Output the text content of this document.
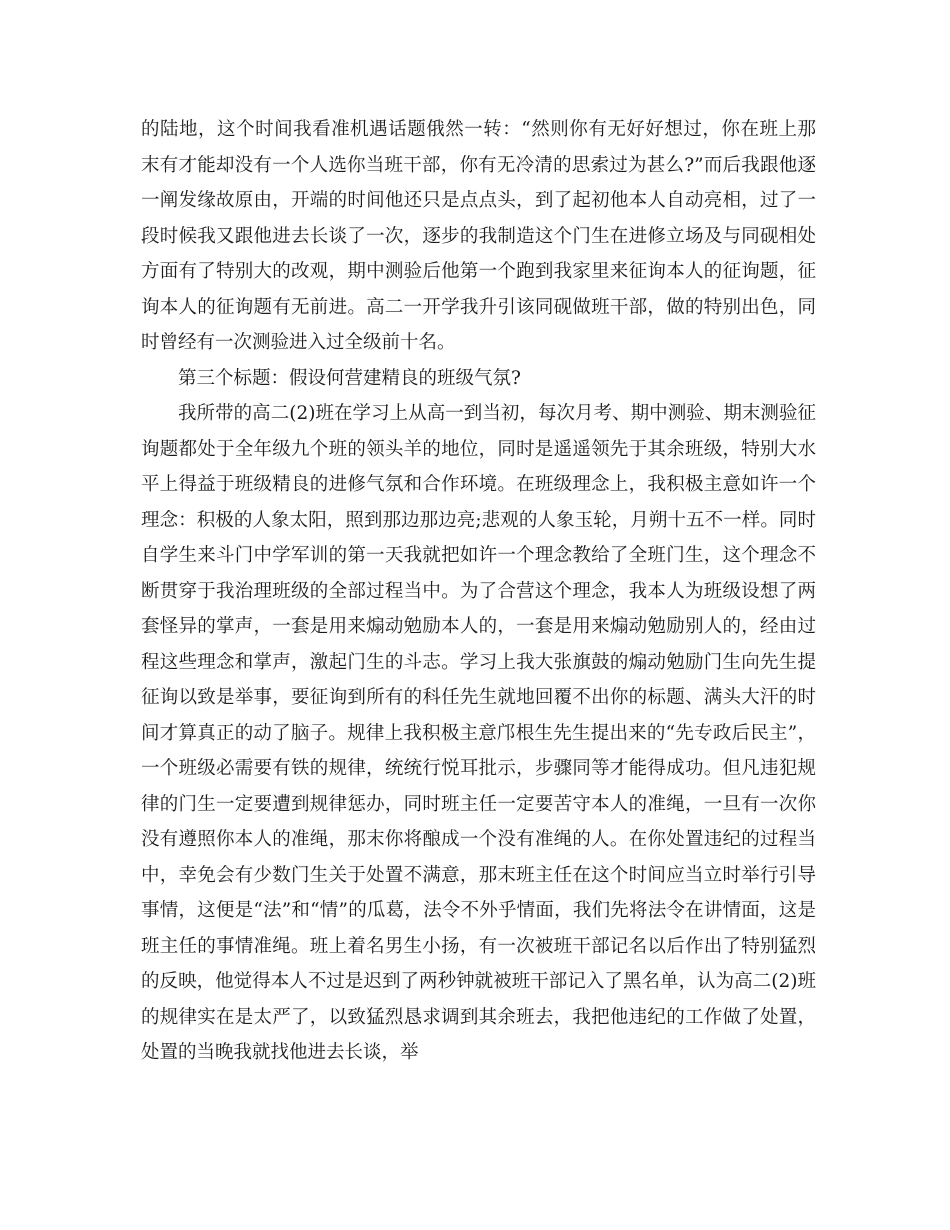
的陆地，这个时间我看准机遇话题俄然一转：“然则你有无好好想过，你在班上那末有才能却没有一个人选你当班干部，你有无冷清的思索过为甚么?”而后我跟他逐一阐发缘故原由，开端的时间他还只是点点头，到了起初他本人自动亮相，过了一段时候我又跟他进去长谈了一次，逐步的我制造这个门生在进修立场及与同砚相处方面有了特别大的改观，期中测验后他第一个跑到我家里来征询本人的征询题，征询本人的征询题有无前进。高二一开学我升引该同砚做班干部，做的特别出色，同时曾经有一次测验进入过全级前十名。

第三个标题：假设何营建精良的班级气氛?

我所带的高二(2)班在学习上从高一到当初，每次月考、期中测验、期末测验征询题都处于全年级九个班的领头羊的地位，同时是遥遥领先于其余班级，特别大水平上得益于班级精良的进修气氛和合作环境。在班级理念上，我积极主意如许一个理念：积极的人象太阳，照到那边那边亮;悲观的人象玉轮，月朔十五不一样。同时自学生来斗门中学军训的第一天我就把如许一个理念教给了全班门生，这个理念不断贯穿于我治理班级的全部过程当中。为了合营这个理念，我本人为班级设想了两套怪异的掌声，一套是用来煽动勉励本人的，一套是用来煽动勉励别人的，经由过程这些理念和掌声，激起门生的斗志。学习上我大张旗鼓的煽动勉励门生向先生提征询以致是举事，要征询到所有的科任先生就地回覆不出你的标题、满头大汗的时间才算真正的动了脑子。规律上我积极主意邝根生先生提出来的“先专政后民主”，一个班级必需要有铁的规律，统统行悦耳批示，步骤同等才能得成功。但凡违犯规律的门生一定要遭到规律惩办，同时班主任一定要苦守本人的准绳，一旦有一次你没有遵照你本人的准绳，那末你将酿成一个没有准绳的人。在你处置违纪的过程当中，幸免会有少数门生关于处置不满意，那末班主任在这个时间应当立时举行引导事情，这便是“法”和“情”的瓜葛，法令不外乎情面，我们先将法令在讲情面，这是班主任的事情准绳。班上着名男生小扬，有一次被班干部记名以后作出了特别猛烈的反映，他觉得本人不过是迟到了两秒钟就被班干部记入了黑名单，认为高二(2)班的规律实在是太严了，以致猛烈恳求调到其余班去，我把他违纪的工作做了处置，处置的当晚我就找他进去长谈，举
